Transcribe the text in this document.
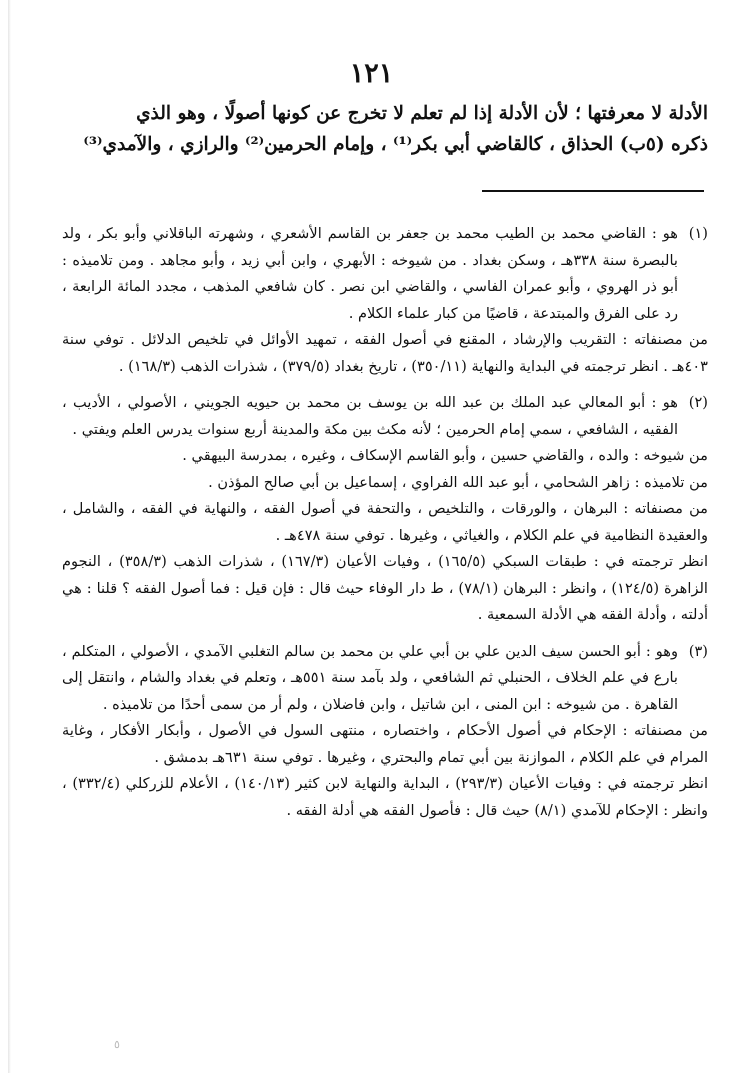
١٢١

الأدلة لا معرفتها ؛ لأن الأدلة إذا لم تعلم لا تخرج عن كونها أصولًا ، وهو الذي

ذكره (٥ب) الحذاق ، كالقاضي أبي بكر⁽¹⁾ ، وإمام الحرمين⁽²⁾ والرازي ، والآمدي⁽³⁾

(١)

هو : القاضي محمد بن الطيب محمد بن جعفر بن القاسم الأشعري ، وشهرته الباقلاني وأبو بكر ، ولد بالبصرة سنة ٣٣٨هـ ، وسكن بغداد . من شيوخه : الأبهري ، وابن أبي زيد ، وأبو مجاهد . ومن تلاميذه : أبو ذر الهروي ، وأبو عمران الفاسي ، والقاضي ابن نصر . كان شافعي المذهب ، مجدد المائة الرابعة ، رد على الفرق والمبتدعة ، قاضيًا من كبار علماء الكلام .

من مصنفاته : التقريب والإرشاد ، المقنع في أصول الفقه ، تمهيد الأوائل في تلخيص الدلائل . توفي سنة ٤٠٣هـ . انظر ترجمته في البداية والنهاية (٣٥٠/١١) ، تاريخ بغداد (٣٧٩/٥) ، شذرات الذهب (١٦٨/٣) .

(٢)

هو : أبو المعالي عبد الملك بن عبد الله بن يوسف بن محمد بن حيويه الجويني ، الأصولي ، الأديب ، الفقيه ، الشافعي ، سمي إمام الحرمين ؛ لأنه مكث بين مكة والمدينة أربع سنوات يدرس العلم ويفتي .

من شيوخه : والده ، والقاضي حسين ، وأبو القاسم الإسكاف ، وغيره ، بمدرسة البيهقي .

من تلاميذه : زاهر الشحامي ، أبو عبد الله الفراوي ، إسماعيل بن أبي صالح المؤذن .

من مصنفاته : البرهان ، والورقات ، والتلخيص ، والتحفة في أصول الفقه ، والنهاية في الفقه ، والشامل ، والعقيدة النظامية في علم الكلام ، والغياثي ، وغيرها . توفي سنة ٤٧٨هـ .

انظر ترجمته في : طبقات السبكي (١٦٥/٥) ، وفيات الأعيان (١٦٧/٣) ، شذرات الذهب (٣٥٨/٣) ، النجوم الزاهرة (١٢٤/٥) ، وانظر : البرهان (٧٨/١) ، ط دار الوفاء حيث قال : فإن قيل : فما أصول الفقه ؟ قلنا : هي أدلته ، وأدلة الفقه هي الأدلة السمعية .

(٣)

وهو : أبو الحسن سيف الدين علي بن أبي علي بن محمد بن سالم التغلبي الآمدي ، الأصولي ، المتكلم ، بارع في علم الخلاف ، الحنبلي ثم الشافعي ، ولد بآمد سنة ٥٥١هـ ، وتعلم في بغداد والشام ، وانتقل إلى القاهرة . من شيوخه : ابن المنى ، ابن شاتيل ، وابن فاضلان ، ولم أر من سمى أحدًا من تلاميذه .

من مصنفاته : الإحكام في أصول الأحكام ، واختصاره ، منتهى السول في الأصول ، وأبكار الأفكار ، وغاية المرام في علم الكلام ، الموازنة بين أبي تمام والبحتري ، وغيرها . توفي سنة ٦٣١هـ بدمشق .

انظر ترجمته في : وفيات الأعيان (٢٩٣/٣) ، البداية والنهاية لابن كثير (١٤٠/١٣) ، الأعلام للزركلي (٣٣٢/٤) ، وانظر : الإحكام للآمدي (٨/١) حيث قال : فأصول الفقه هي أدلة الفقه .

٥
